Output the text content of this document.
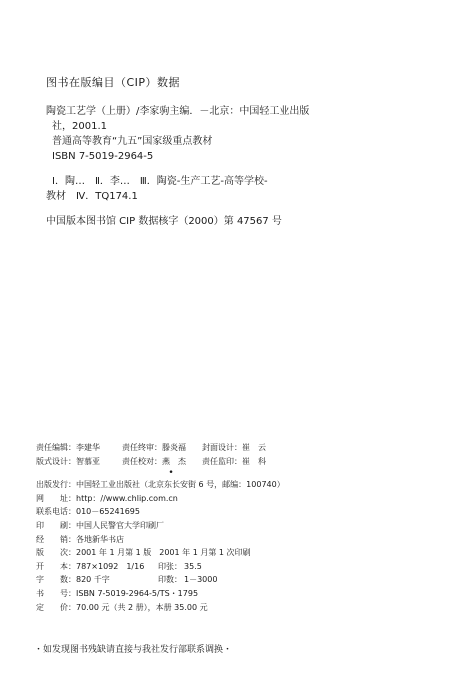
图书在版编目（CIP）数据
陶瓷工艺学（上册）/李家驹主编．－北京：中国轻工业出版
社，2001.1
普通高等教育“九五”国家级重点教材
ISBN 7-5019-2964-5
Ⅰ．陶…　Ⅱ．李…　Ⅲ．陶瓷-生产工艺-高等学校-
教材　Ⅳ．TQ174.1
中国版本图书馆 CIP 数据核字（2000）第 47567 号
责任编辑：李建华	责任终审：滕炎福 封面设计：崔　云
版式设计：智慕亚	责任校对：燕　杰 责任监印：崔　科
•
出版发行：中国轻工业出版社（北京东长安街 6 号，邮编：100740）
网　　址：http：//www.chlip.com.cn
联系电话：010－65241695
印　　刷：中国人民警官大学印刷厂
经　　销：各地新华书店
版　　次：2001 年 1 月第 1 版　2001 年 1 月第 1 次印刷
开　　本：787×1092　1/16 印张： 35.5
字　　数：820 千字	印数： 1－3000
书　　号：ISBN 7-5019-2964-5/TS・1795
定　　价：70.00 元（共 2 册），本册 35.00 元
・如发现图书残缺请直接与我社发行部联系调换・
